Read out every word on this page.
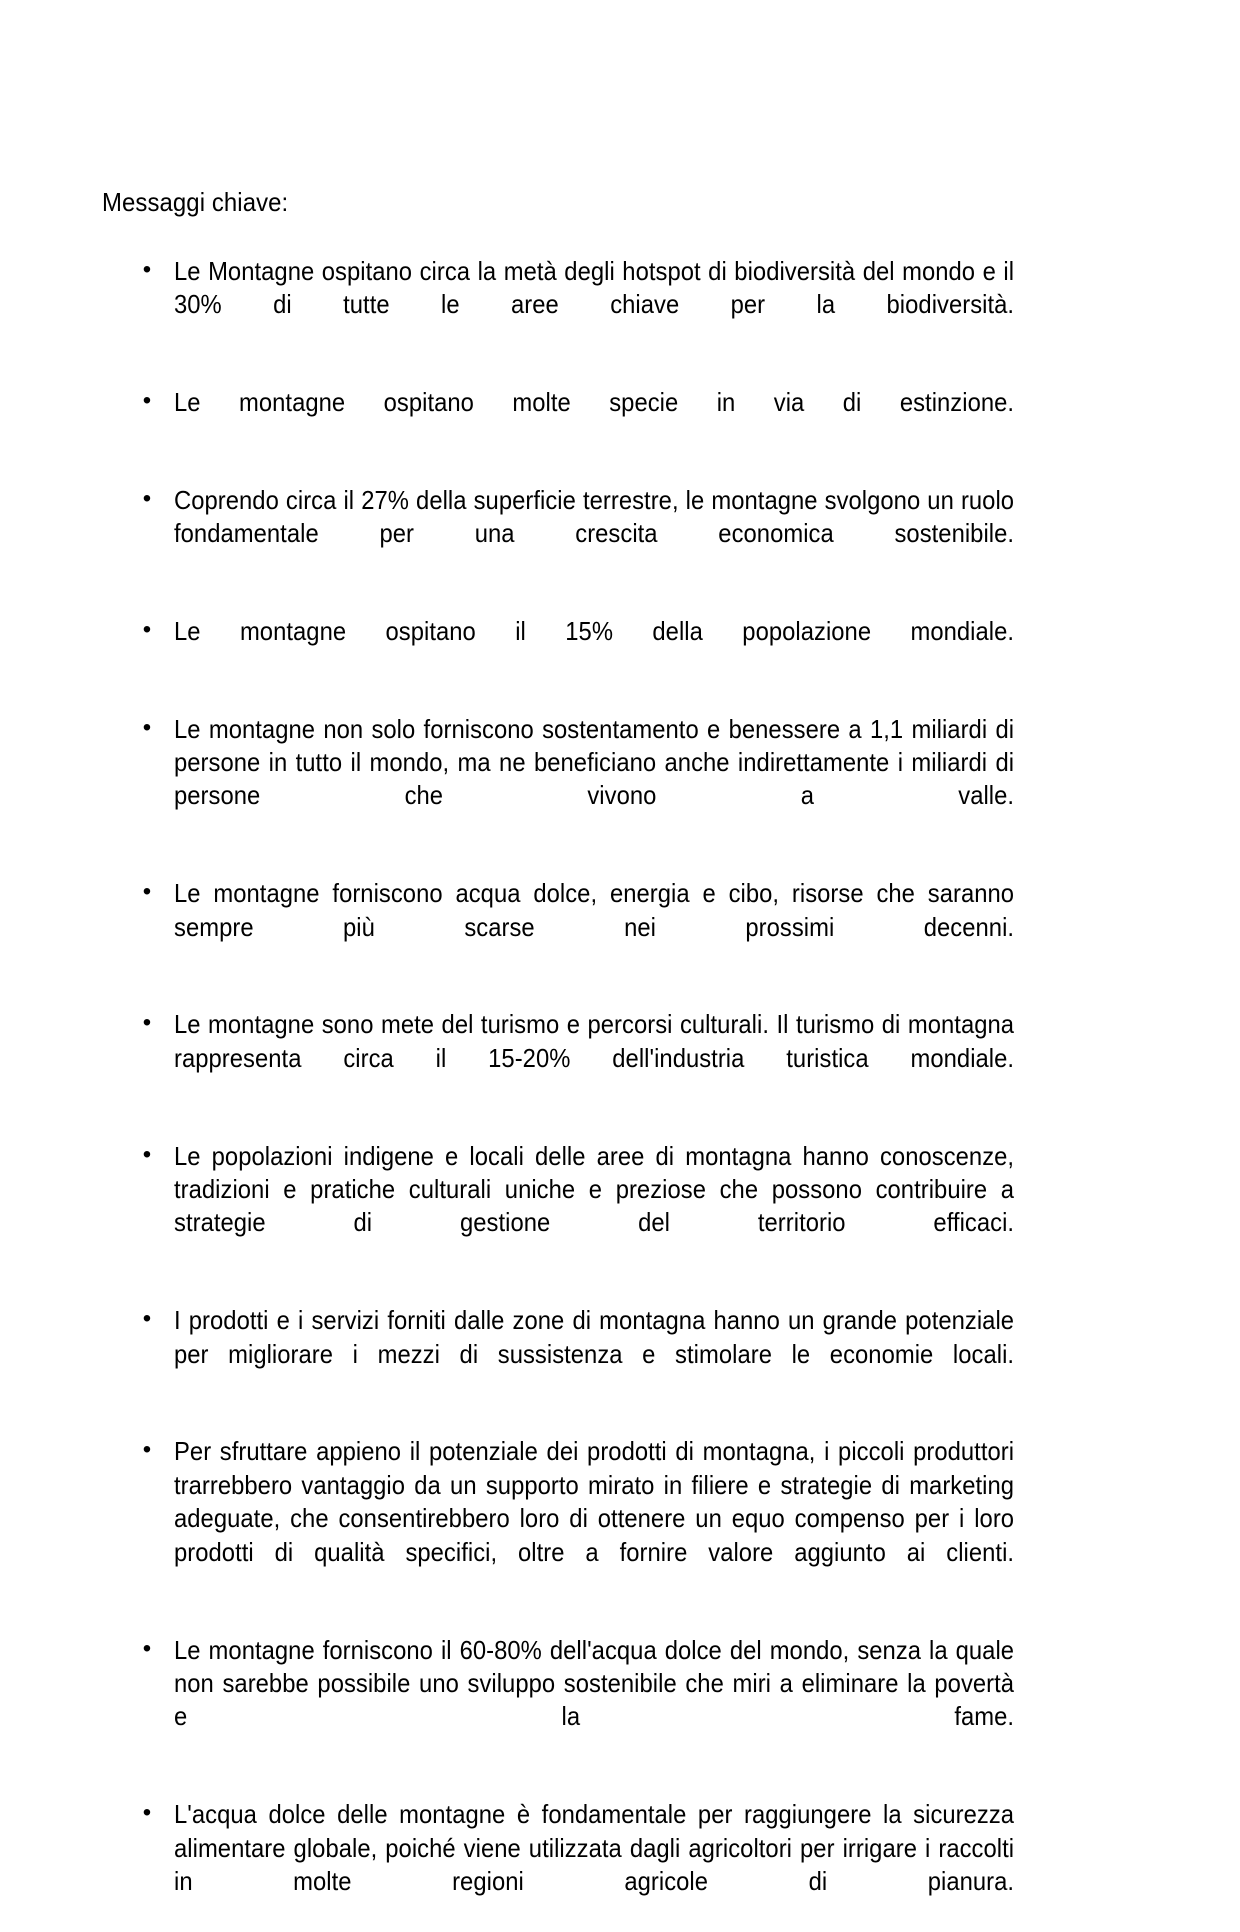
Messaggi chiave:

• Le Montagne ospitano circa la metà degli hotspot di biodiversità del mondo e il 30% di tutte le aree chiave per la biodiversità.
• Le montagne ospitano molte specie in via di estinzione.
• Coprendo circa il 27% della superficie terrestre, le montagne svolgono un ruolo fondamentale per una crescita economica sostenibile.
• Le montagne ospitano il 15% della popolazione mondiale.
• Le montagne non solo forniscono sostentamento e benessere a 1,1 miliardi di persone in tutto il mondo, ma ne beneficiano anche indirettamente i miliardi di persone che vivono a valle.
• Le montagne forniscono acqua dolce, energia e cibo, risorse che saranno sempre più scarse nei prossimi decenni.
• Le montagne sono mete del turismo e percorsi culturali. Il turismo di montagna rappresenta circa il 15-20% dell'industria turistica mondiale.
• Le popolazioni indigene e locali delle aree di montagna hanno conoscenze, tradizioni e pratiche culturali uniche e preziose che possono contribuire a strategie di gestione del territorio efficaci.
• I prodotti e i servizi forniti dalle zone di montagna hanno un grande potenziale per migliorare i mezzi di sussistenza e stimolare le economie locali.
• Per sfruttare appieno il potenziale dei prodotti di montagna, i piccoli produttori trarrebbero vantaggio da un supporto mirato in filiere e strategie di marketing adeguate, che consentirebbero loro di ottenere un equo compenso per i loro prodotti di qualità specifici, oltre a fornire valore aggiunto ai clienti.
• Le montagne forniscono il 60-80% dell'acqua dolce del mondo, senza la quale non sarebbe possibile uno sviluppo sostenibile che miri a eliminare la povertà e la fame.
• L'acqua dolce delle montagne è fondamentale per raggiungere la sicurezza alimentare globale, poiché viene utilizzata dagli agricoltori per irrigare i raccolti in molte regioni agricole di pianura.
